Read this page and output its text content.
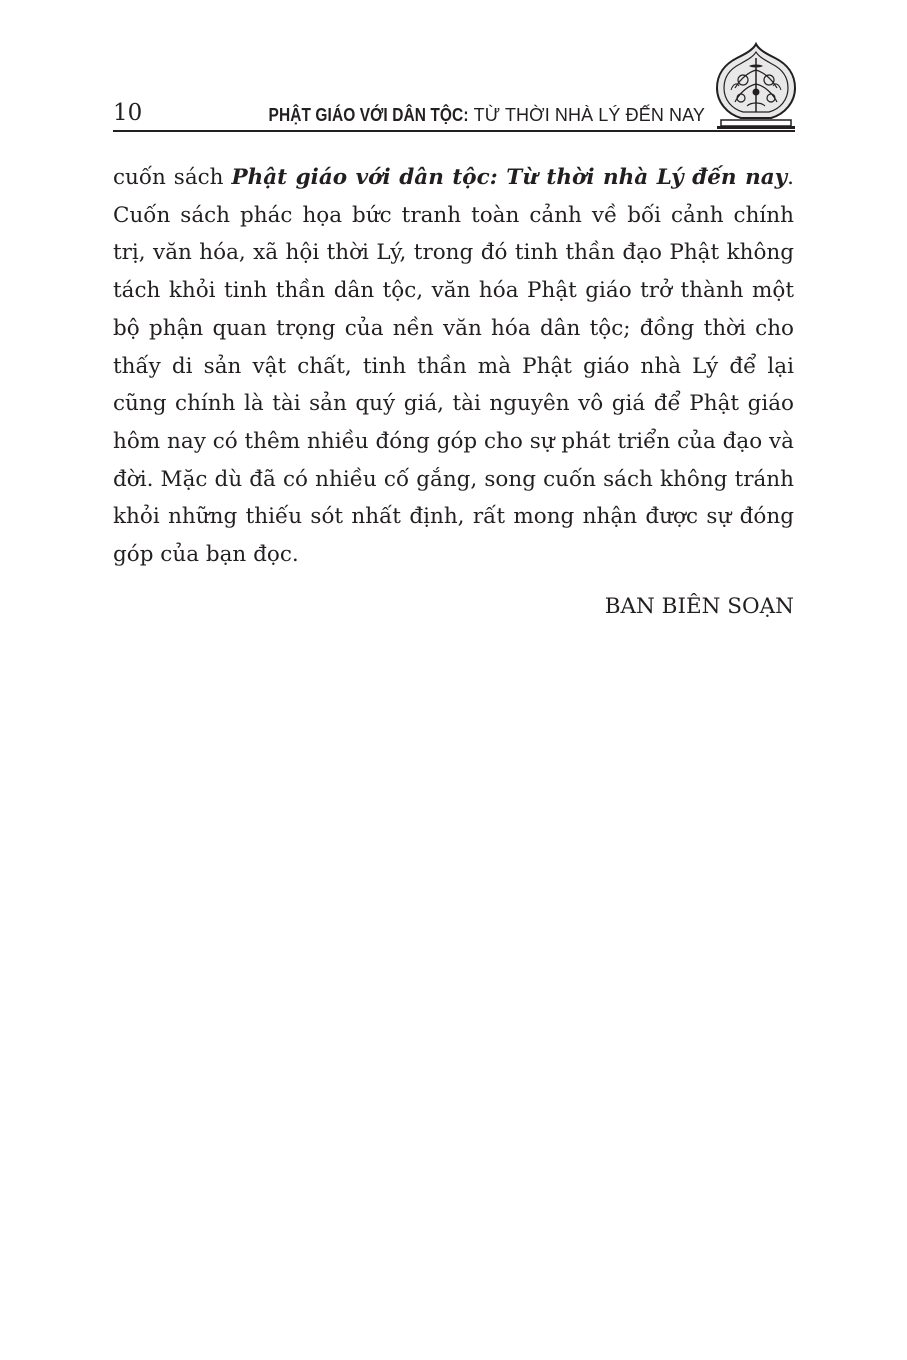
10	PHẬT GIÁO VỚI DÂN TỘC: TỪ THỜI NHÀ LÝ ĐẾN NAY

cuốn sách Phật giáo với dân tộc: Từ thời nhà Lý đến nay. Cuốn sách phác họa bức tranh toàn cảnh về bối cảnh chính trị, văn hóa, xã hội thời Lý, trong đó tinh thần đạo Phật không tách khỏi tinh thần dân tộc, văn hóa Phật giáo trở thành một bộ phận quan trọng của nền văn hóa dân tộc; đồng thời cho thấy di sản vật chất, tinh thần mà Phật giáo nhà Lý để lại cũng chính là tài sản quý giá, tài nguyên vô giá để Phật giáo hôm nay có thêm nhiều đóng góp cho sự phát triển của đạo và đời. Mặc dù đã có nhiều cố gắng, song cuốn sách không tránh khỏi những thiếu sót nhất định, rất mong nhận được sự đóng góp của bạn đọc.

BAN BIÊN SOẠN
